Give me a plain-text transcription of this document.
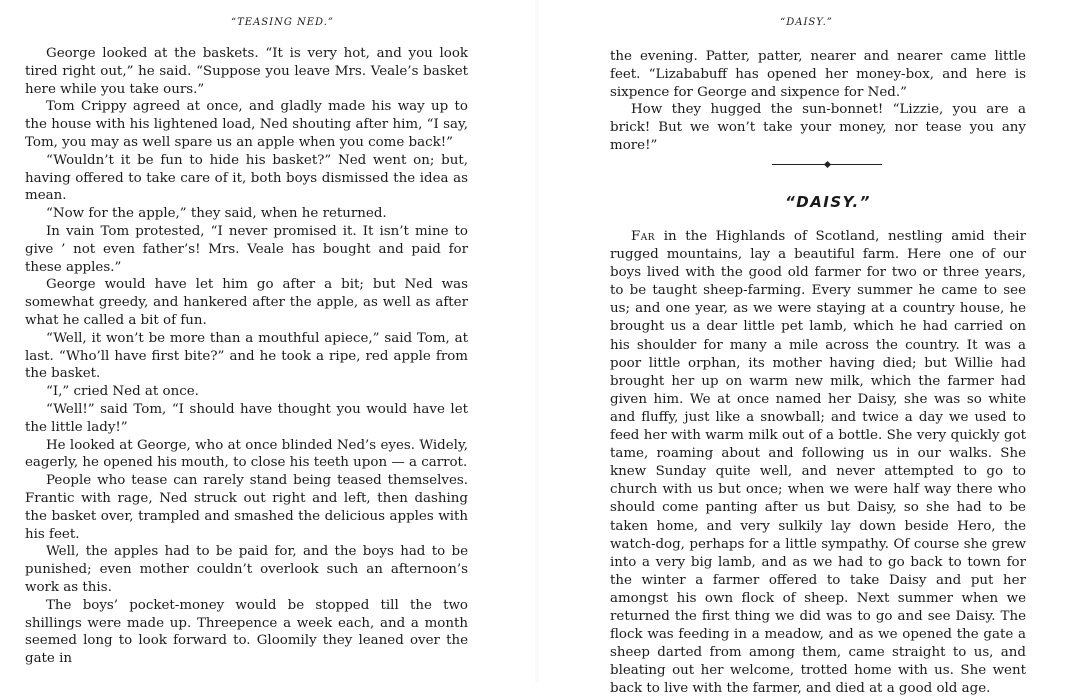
“TEASING NED.”

George looked at the baskets. “It is very hot, and you look tired right out,” he said. “Suppose you leave Mrs. Veale’s basket here while you take ours.”

Tom Crippy agreed at once, and gladly made his way up to the house with his lightened load, Ned shouting after him, “I say, Tom, you may as well spare us an apple when you come back!”

“Wouldn’t it be fun to hide his basket?” Ned went on; but, having offered to take care of it, both boys dismissed the idea as mean.

“Now for the apple,” they said, when he returned.

In vain Tom protested, “I never promised it. It isn’t mine to give ’ not even father’s! Mrs. Veale has bought and paid for these apples.”

George would have let him go after a bit; but Ned was somewhat greedy, and hankered after the apple, as well as after what he called a bit of fun.

“Well, it won’t be more than a mouthful apiece,” said Tom, at last. “Who’ll have first bite?” and he took a ripe, red apple from the basket.

“I,” cried Ned at once.

“Well!” said Tom, “I should have thought you would have let the little lady!”

He looked at George, who at once blinded Ned’s eyes. Widely, eagerly, he opened his mouth, to close his teeth upon — a carrot.

People who tease can rarely stand being teased themselves. Frantic with rage, Ned struck out right and left, then dashing the basket over, trampled and smashed the delicious apples with his feet.

Well, the apples had to be paid for, and the boys had to be punished; even mother couldn’t overlook such an afternoon’s work as this.

The boys’ pocket-money would be stopped till the two shillings were made up. Threepence a week each, and a month seemed long to look forward to. Gloomily they leaned over the gate in

“DAISY.”

the evening. Patter, patter, nearer and nearer came little feet. “Lizababuff has opened her money-box, and here is sixpence for George and sixpence for Ned.”

How they hugged the sun-bonnet! “Lizzie, you are a brick! But we won’t take your money, nor tease you any more!”

“DAISY.”

Far in the Highlands of Scotland, nestling amid their rugged mountains, lay a beautiful farm. Here one of our boys lived with the good old farmer for two or three years, to be taught sheep-farming. Every summer he came to see us; and one year, as we were staying at a country house, he brought us a dear little pet lamb, which he had carried on his shoulder for many a mile across the country. It was a poor little orphan, its mother having died; but Willie had brought her up on warm new milk, which the farmer had given him. We at once named her Daisy, she was so white and fluffy, just like a snowball; and twice a day we used to feed her with warm milk out of a bottle. She very quickly got tame, roaming about and following us in our walks. She knew Sunday quite well, and never attempted to go to church with us but once; when we were half way there who should come panting after us but Daisy, so she had to be taken home, and very sulkily lay down beside Hero, the watch-dog, perhaps for a little sympathy. Of course she grew into a very big lamb, and as we had to go back to town for the winter a farmer offered to take Daisy and put her amongst his own flock of sheep. Next summer when we returned the first thing we did was to go and see Daisy. The flock was feeding in a meadow, and as we opened the gate a sheep darted from among them, came straight to us, and bleating out her welcome, trotted home with us. She went back to live with the farmer, and died at a good old age.
